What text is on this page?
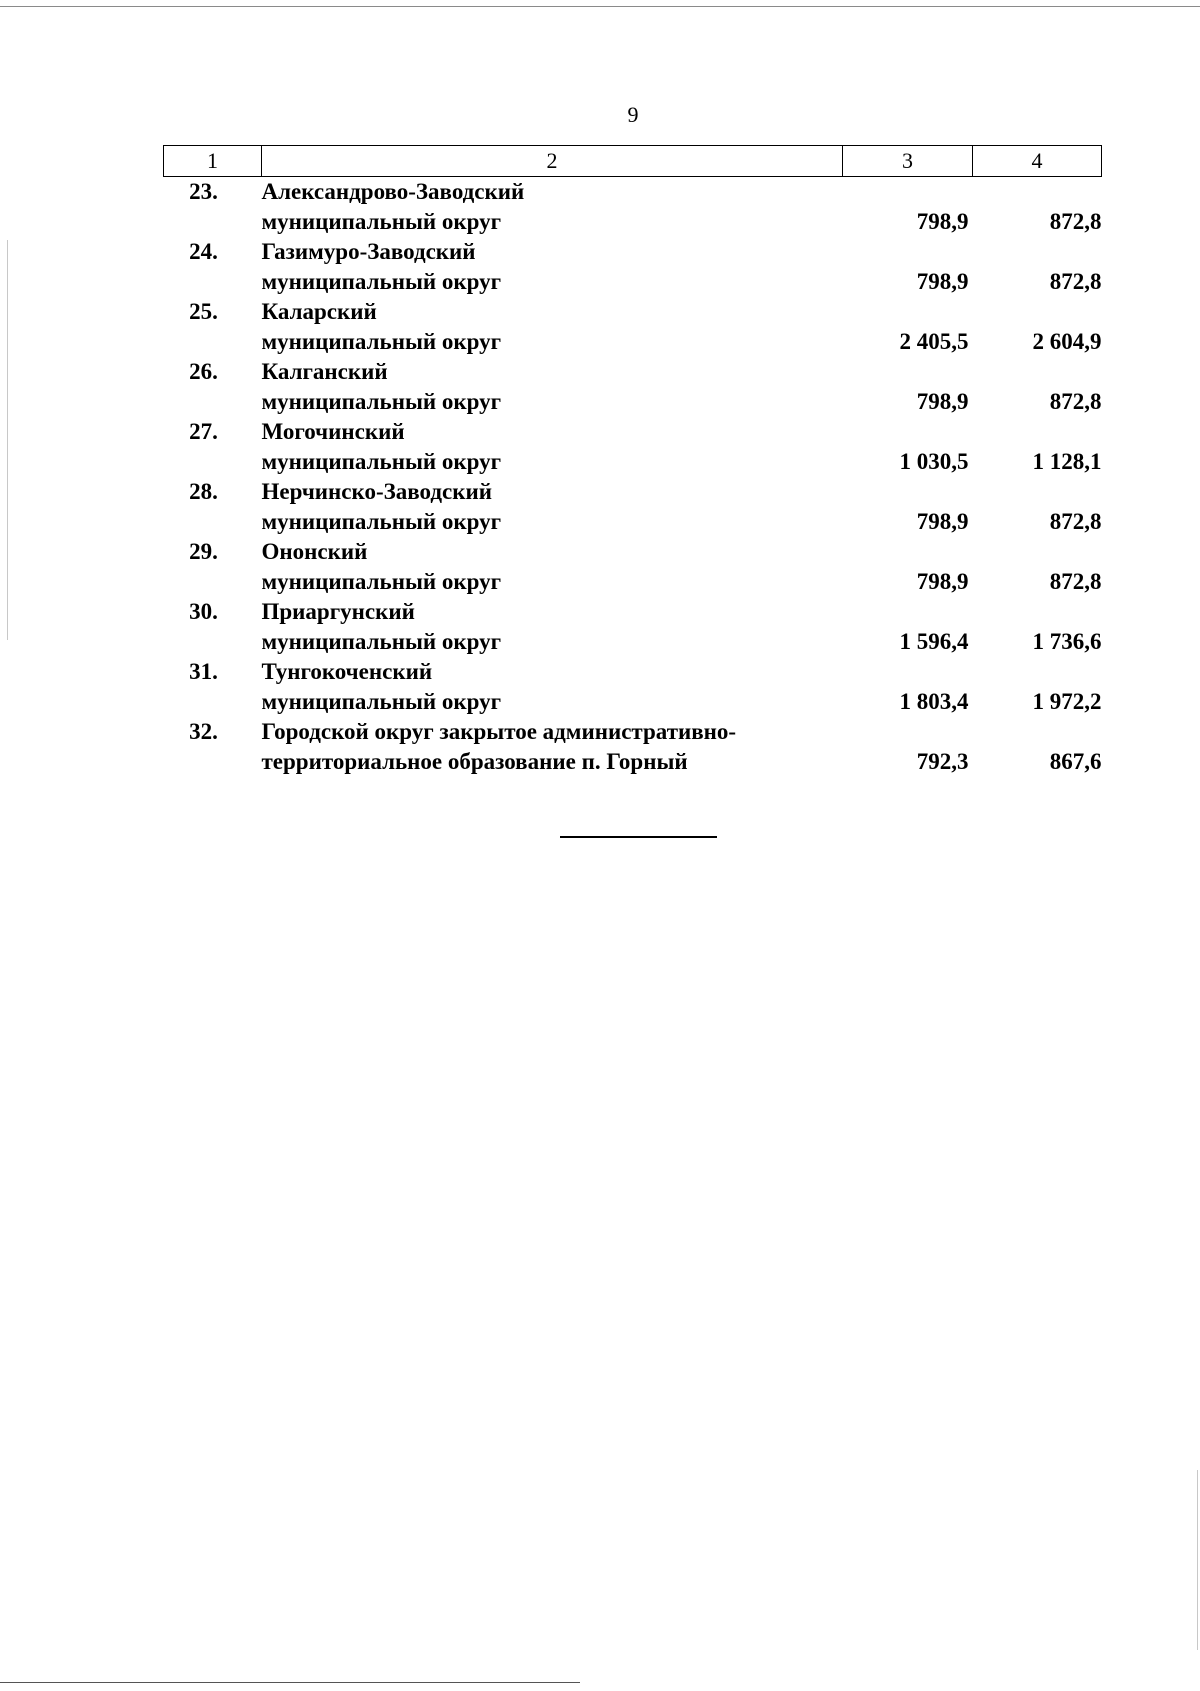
9
1	2	3	4
23.	Александрово-Заводский
муниципальный округ	798,9	872,8
24.	Газимуро-Заводский
муниципальный округ	798,9	872,8
25.	Каларский
муниципальный округ	2 405,5	2 604,9
26.	Калганский
муниципальный округ	798,9	872,8
27.	Могочинский
муниципальный округ	1 030,5	1 128,1
28.	Нерчинско-Заводский
муниципальный округ	798,9	872,8
29.	Ононский
муниципальный округ	798,9	872,8
30.	Приаргунский
муниципальный округ	1 596,4	1 736,6
31.	Тунгокоченский
муниципальный округ	1 803,4	1 972,2
32.	Городской округ закрытое административно-
территориальное образование п. Горный	792,3	867,6
